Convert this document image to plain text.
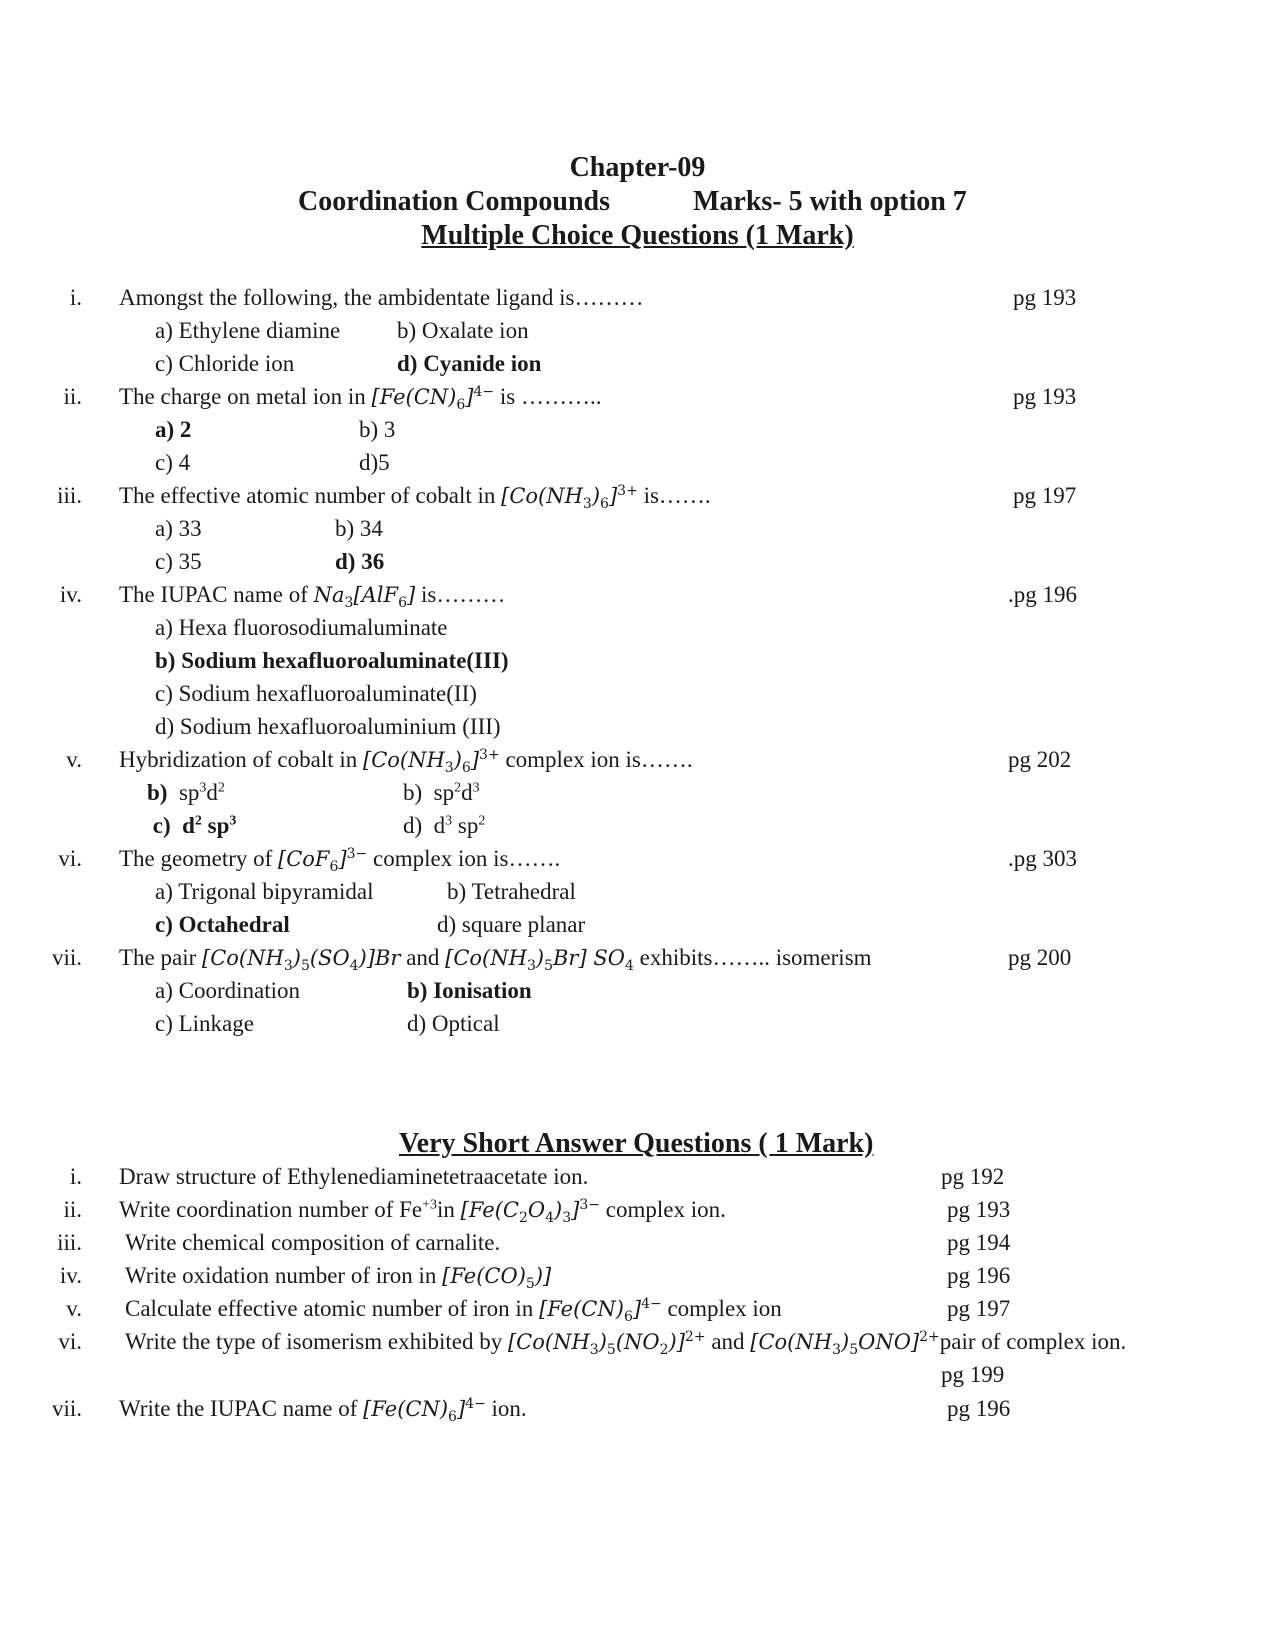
Chapter-09
Coordination Compounds	Marks- 5 with option 7
Multiple Choice Questions (1 Mark)
i. Amongst the following, the ambidentate ligand is………	pg 193
a) Ethylene diamine b) Oxalate ion
c) Chloride ion	d) Cyanide ion
ii. The charge on metal ion in $[Fe(CN)_6]^{4-}$ is ………..	pg 193
a) 2	b) 3
c) 4	d)5
iii. The effective atomic number of cobalt in $[Co(NH_3)_6]^{3+}$ is…….	pg 197
a) 33	b) 34
c) 35	d) 36
iv. The IUPAC name of $Na_3[AlF_6]$ is………	.pg 196
a) Hexa fluorosodiumaluminate
b) Sodium hexafluoroaluminate(III)
c) Sodium hexafluoroaluminate(II)
d) Sodium hexafluoroaluminium (III)
v. Hybridization of cobalt in $[Co(NH_3)_6]^{3+}$ complex ion is…….	pg 202
b)  $sp^3d^2$	b)  $sp^2d^3$
c)  $d^2$ $sp^3$	d)  $d^3$ $sp^2$
vi. The geometry of $[CoF_6]^{3-}$ complex ion is…….	.pg 303
a) Trigonal bipyramidal	b) Tetrahedral
c) Octahedral	d) square planar
vii. The pair $[Co(NH_3)_5(SO_4)]Br$ and $[Co(NH_3)_5Br]$ $SO_4$ exhibits…….. isomerism	pg 200
a) Coordination	b) Ionisation
c) Linkage	d) Optical
Very Short Answer Questions ( 1 Mark)
i. Draw structure of Ethylenediaminetetraacetate ion.	pg 192
ii. Write coordination number of $Fe^{+3}in$ $[Fe(C_2O_4)_3]^{3-}$ complex ion.	pg 193
iii. Write chemical composition of carnalite.	pg 194
iv. Write oxidation number of iron in $[Fe(CO)_5)$]	pg 196
v. Calculate effective atomic number of iron in $[Fe(CN)_6]^{4-}$ complex ion	pg 197
vi. Write the type of isomerism exhibited by $[Co(NH_3)_5(NO_2)]^{2+}$ and $[Co(NH_3)_5ONO]^{2+}pair$ of complex ion.
pg 199
vii. Write the IUPAC name of $[Fe(CN)_6]^{4-}$ ion.	pg 196
